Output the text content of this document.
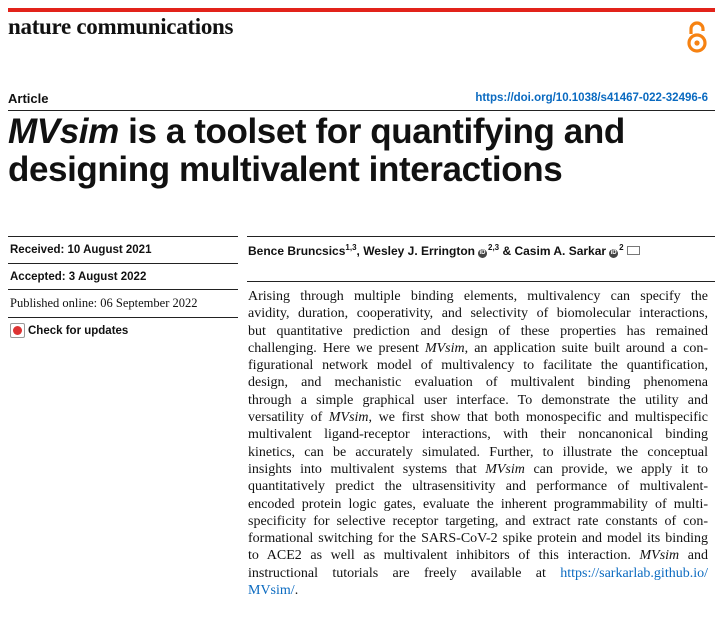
nature communications
Article	https://doi.org/10.1038/s41467-022-32496-6
MVsim is a toolset for quantifying and
designing multivalent interactions
Received: 10 August 2021
Accepted: 3 August 2022
Published online: 06 September 2022
Check for updates
Bence Bruncsics$^{1,3}$, Wesley J. Errington iD$^{2,3}$ & Casim A. Sarkar $iD^2$
Arising through multiple binding elements, multivalency can specify the
avidity, duration, cooperativity, and selectivity of biomolecular interactions,
but quantitative prediction and design of these properties has remained
challenging. Here we present MVsim, an application suite built around a con-
figurational network model of multivalency to facilitate the quantification,
design, and mechanistic evaluation of multivalent binding phenomena
through a simple graphical user interface. To demonstrate the utility and
versatility of MVsim, we first show that both monospecific and multispecific
multivalent ligand-receptor interactions, with their noncanonical binding
kinetics, can be accurately simulated. Further, to illustrate the conceptual
insights into multivalent systems that MVsim can provide, we apply it to
quantitatively predict the ultrasensitivity and performance of multivalent-
encoded protein logic gates, evaluate the inherent programmability of multi-
specificity for selective receptor targeting, and extract rate constants of con-
formational switching for the SARS-CoV-2 spike protein and model its binding
to ACE2 as well as multivalent inhibitors of this interaction. MVsim and
instructional tutorials are freely available at https://sarkarlab.github.io/
MVsim/.
